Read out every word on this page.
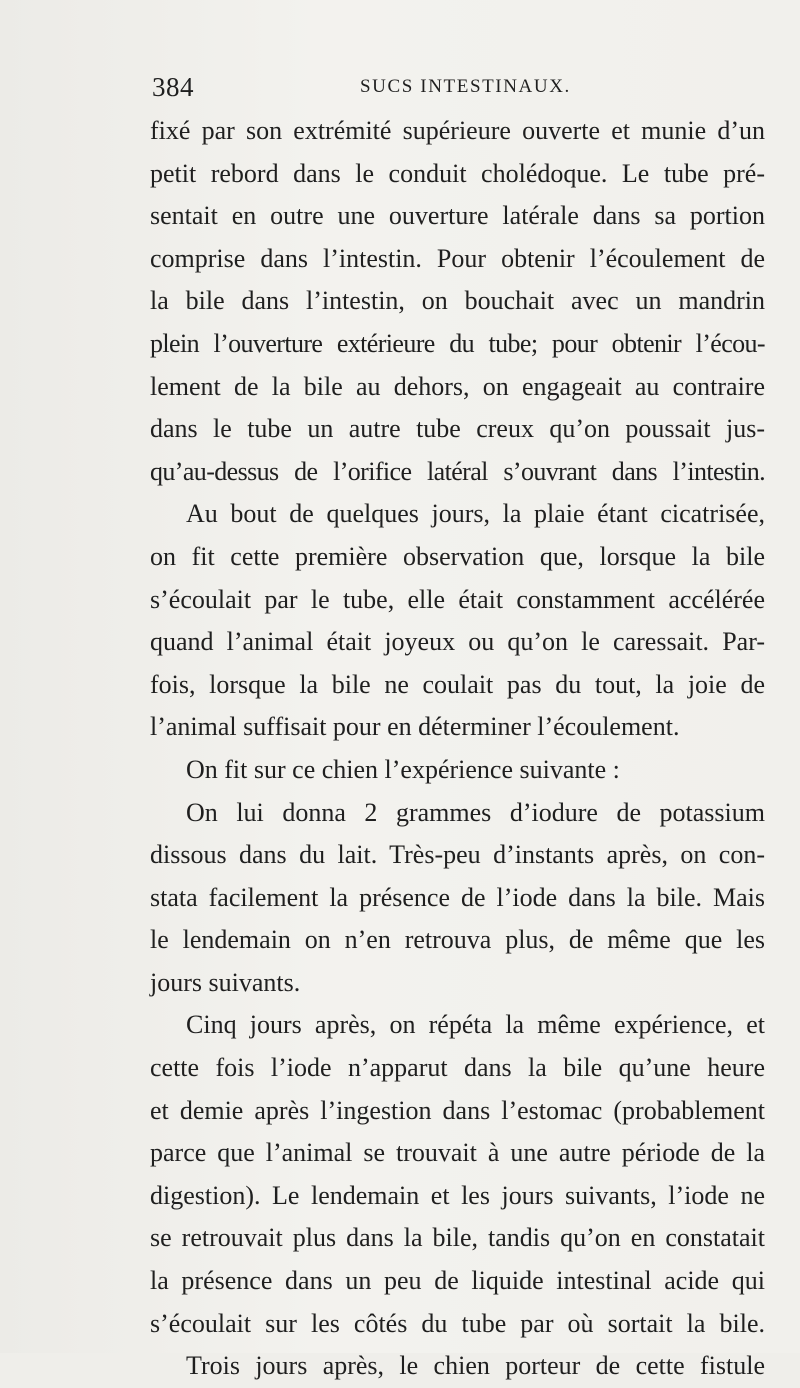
384	SUCS INTESTINAUX.
fixé par son extrémité supérieure ouverte et munie d’un
petit rebord dans le conduit cholédoque. Le tube pré-
sentait en outre une ouverture latérale dans sa portion
comprise dans l’intestin. Pour obtenir l’écoulement de
la bile dans l’intestin, on bouchait avec un mandrin
plein l’ouverture extérieure du tube; pour obtenir l’écou-
lement de la bile au dehors, on engageait au contraire
dans le tube un autre tube creux qu’on poussait jus-
qu’au-dessus de l’orifice latéral s’ouvrant dans l’intestin.
Au bout de quelques jours, la plaie étant cicatrisée,
on fit cette première observation que, lorsque la bile
s’écoulait par le tube, elle était constamment accélérée
quand l’animal était joyeux ou qu’on le caressait. Par-
fois, lorsque la bile ne coulait pas du tout, la joie de
l’animal suffisait pour en déterminer l’écoulement.
On fit sur ce chien l’expérience suivante :
On lui donna 2 grammes d’iodure de potassium
dissous dans du lait. Très-peu d’instants après, on con-
stata facilement la présence de l’iode dans la bile. Mais
le lendemain on n’en retrouva plus, de même que les
jours suivants.
Cinq jours après, on répéta la même expérience, et
cette fois l’iode n’apparut dans la bile qu’une heure
et demie après l’ingestion dans l’estomac (probablement
parce que l’animal se trouvait à une autre période de la
digestion). Le lendemain et les jours suivants, l’iode ne
se retrouvait plus dans la bile, tandis qu’on en constatait
la présence dans un peu de liquide intestinal acide qui
s’écoulait sur les côtés du tube par où sortait la bile.
Trois jours après, le chien porteur de cette fistule
